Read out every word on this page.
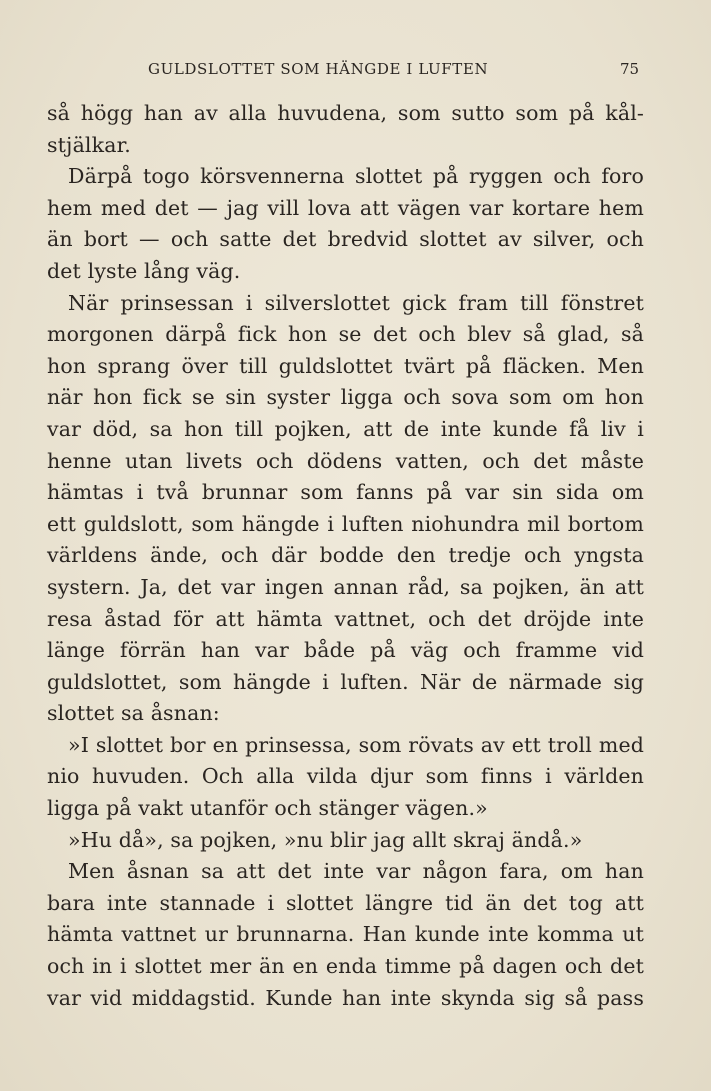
GULDSLOTTET SOM HÄNGDE I LUFTEN	75
så högg han av alla huvudena, som sutto som på kål-
stjälkar.
Därpå togo körsvennerna slottet på ryggen och foro
hem med det — jag vill lova att vägen var kortare hem
än bort — och satte det bredvid slottet av silver, och
det lyste lång väg.
När prinsessan i silverslottet gick fram till fönstret
morgonen därpå fick hon se det och blev så glad, så
hon sprang över till guldslottet tvärt på fläcken. Men
när hon fick se sin syster ligga och sova som om hon
var död, sa hon till pojken, att de inte kunde få liv i
henne utan livets och dödens vatten, och det måste
hämtas i två brunnar som fanns på var sin sida om
ett guldslott, som hängde i luften niohundra mil bortom
världens ände, och där bodde den tredje och yngsta
systern. Ja, det var ingen annan råd, sa pojken, än att
resa åstad för att hämta vattnet, och det dröjde inte
länge förrän han var både på väg och framme vid
guldslottet, som hängde i luften. När de närmade sig
slottet sa åsnan:
»I slottet bor en prinsessa, som rövats av ett troll med
nio huvuden. Och alla vilda djur som finns i världen
ligga på vakt utanför och stänger vägen.»
»Hu då», sa pojken, »nu blir jag allt skraj ändå.»
Men åsnan sa att det inte var någon fara, om han
bara inte stannade i slottet längre tid än det tog att
hämta vattnet ur brunnarna. Han kunde inte komma ut
och in i slottet mer än en enda timme på dagen och det
var vid middagstid. Kunde han inte skynda sig så pass
